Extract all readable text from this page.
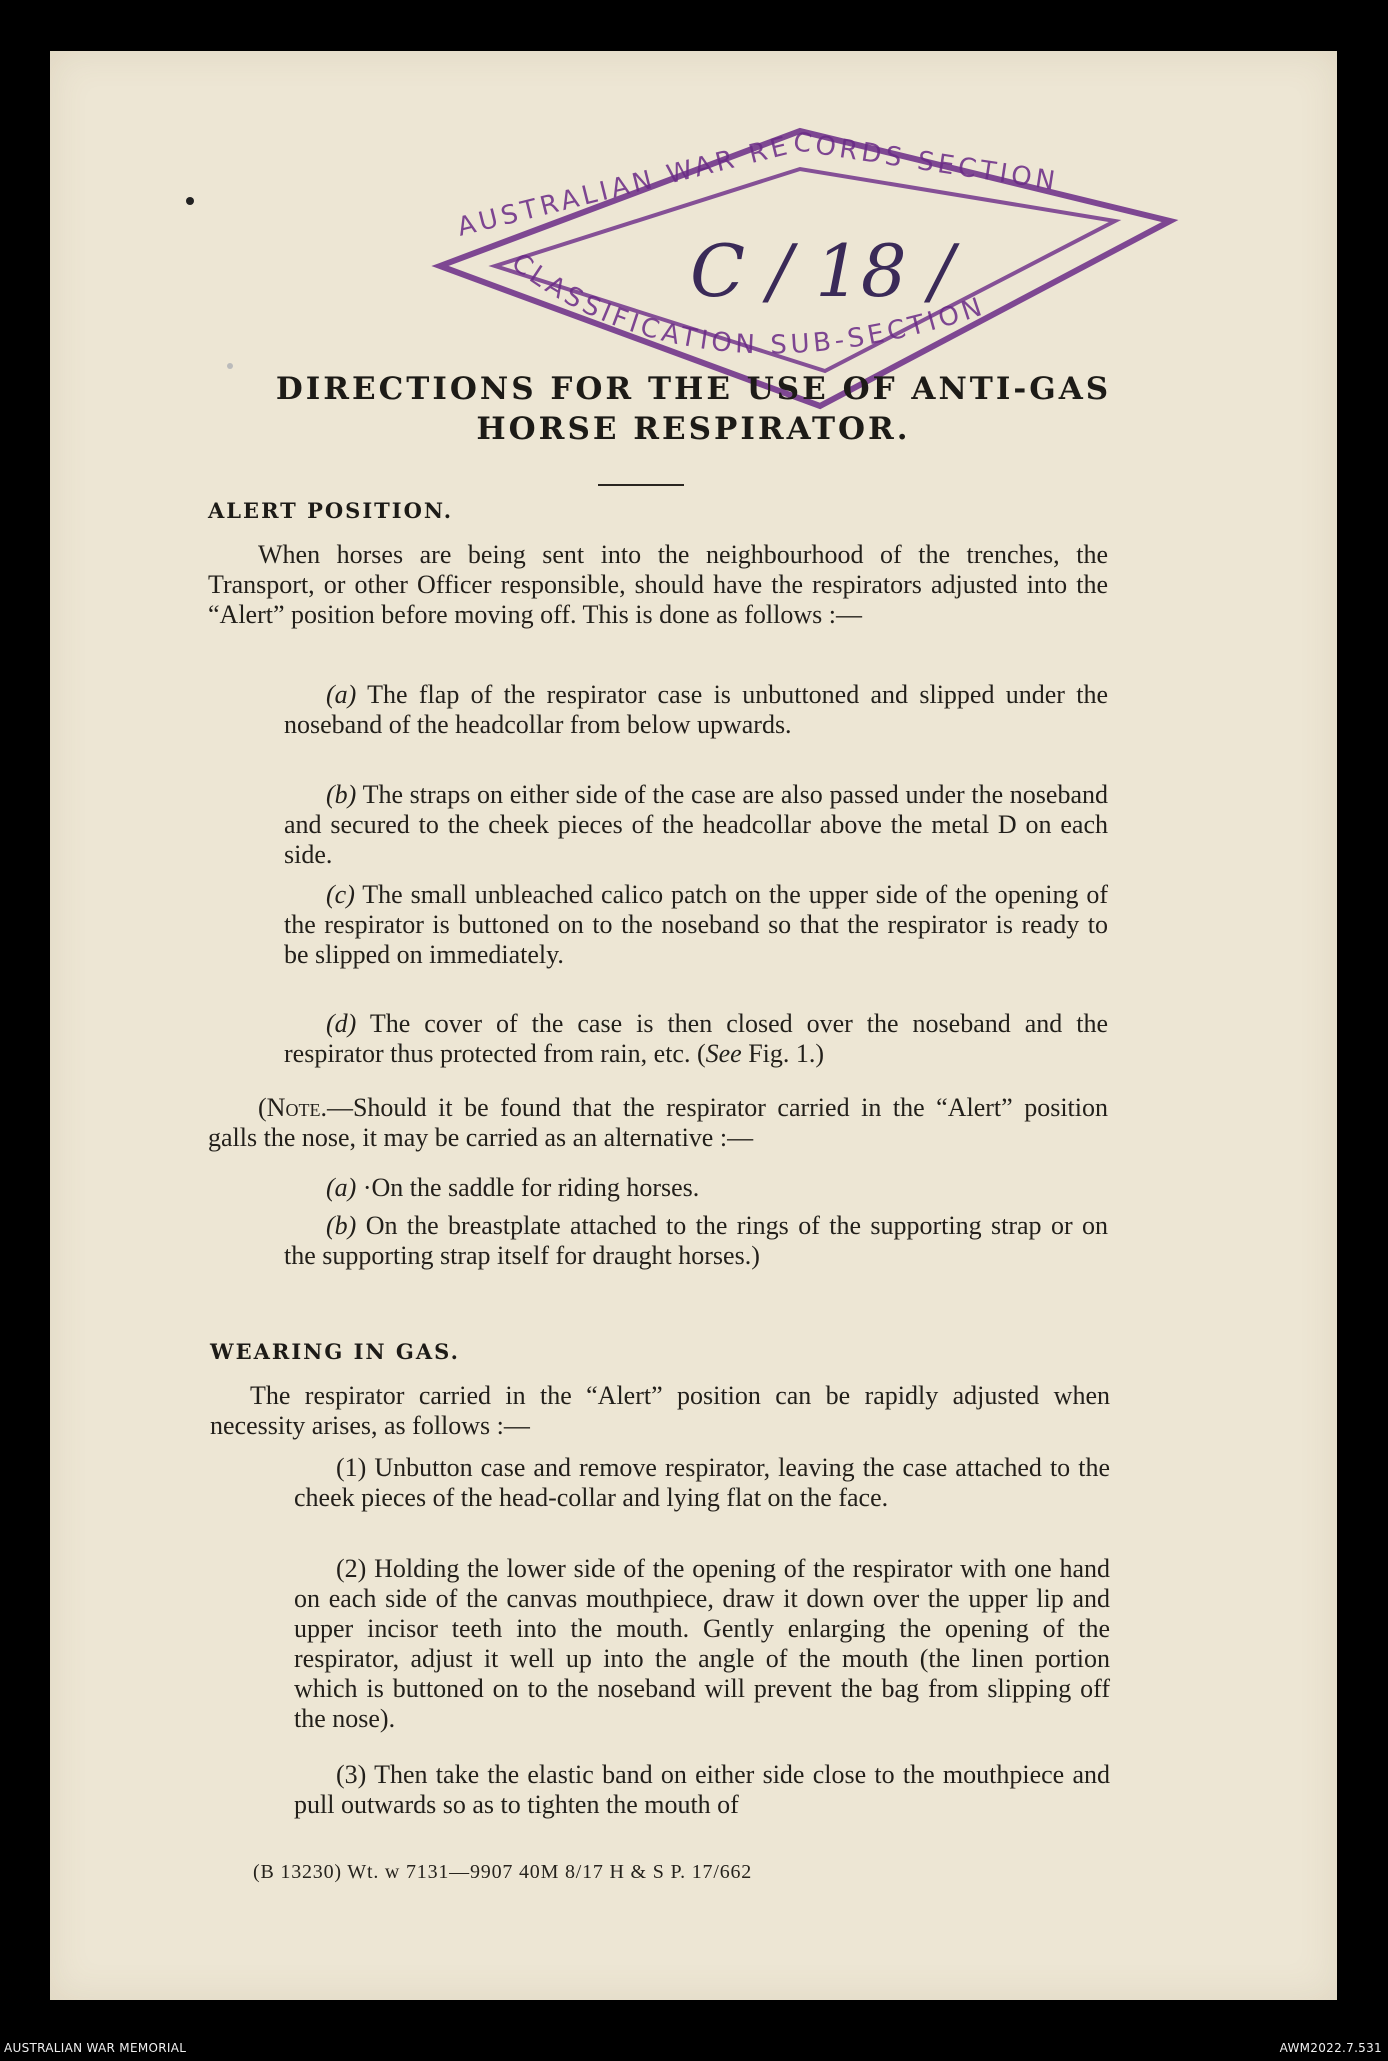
AUSTRALIAN WAR RECORDS SECTION
CLASSIFICATION SUB-SECTION
C / 18 /
DIRECTIONS FOR THE USE OF ANTI-GAS
HORSE RESPIRATOR.
ALERT POSITION.
When horses are being sent into the neighbourhood of the trenches, the Transport, or other Officer responsible, should have the respirators adjusted into the “Alert” position before moving off. This is done as follows :—
(a) The flap of the respirator case is unbuttoned and slipped under the noseband of the headcollar from below upwards.
(b) The straps on either side of the case are also passed under the noseband and secured to the cheek pieces of the headcollar above the metal D on each side.
(c) The small unbleached calico patch on the upper side of the opening of the respirator is buttoned on to the noseband so that the respirator is ready to be slipped on immediately.
(d) The cover of the case is then closed over the noseband and the respirator thus protected from rain, etc. (See Fig. 1.)
(Note.—Should it be found that the respirator carried in the “Alert” position galls the nose, it may be carried as an alternative :—
(a) ·On the saddle for riding horses.
(b) On the breastplate attached to the rings of the supporting strap or on the supporting strap itself for draught horses.)
WEARING IN GAS.
The respirator carried in the “Alert” position can be rapidly adjusted when necessity arises, as follows :—
(1) Unbutton case and remove respirator, leaving the case attached to the cheek pieces of the head-collar and lying flat on the face.
(2) Holding the lower side of the opening of the respirator with one hand on each side of the canvas mouthpiece, draw it down over the upper lip and upper incisor teeth into the mouth. Gently enlarging the opening of the respirator, adjust it well up into the angle of the mouth (the linen portion which is buttoned on to the noseband will prevent the bag from slipping off the nose).
(3) Then take the elastic band on either side close to the mouthpiece and pull outwards so as to tighten the mouth of
(B 13230) Wt. w 7131—9907 40M 8/17 H & S P. 17/662
AUSTRALIAN WAR MEMORIAL	AWM2022.7.531
